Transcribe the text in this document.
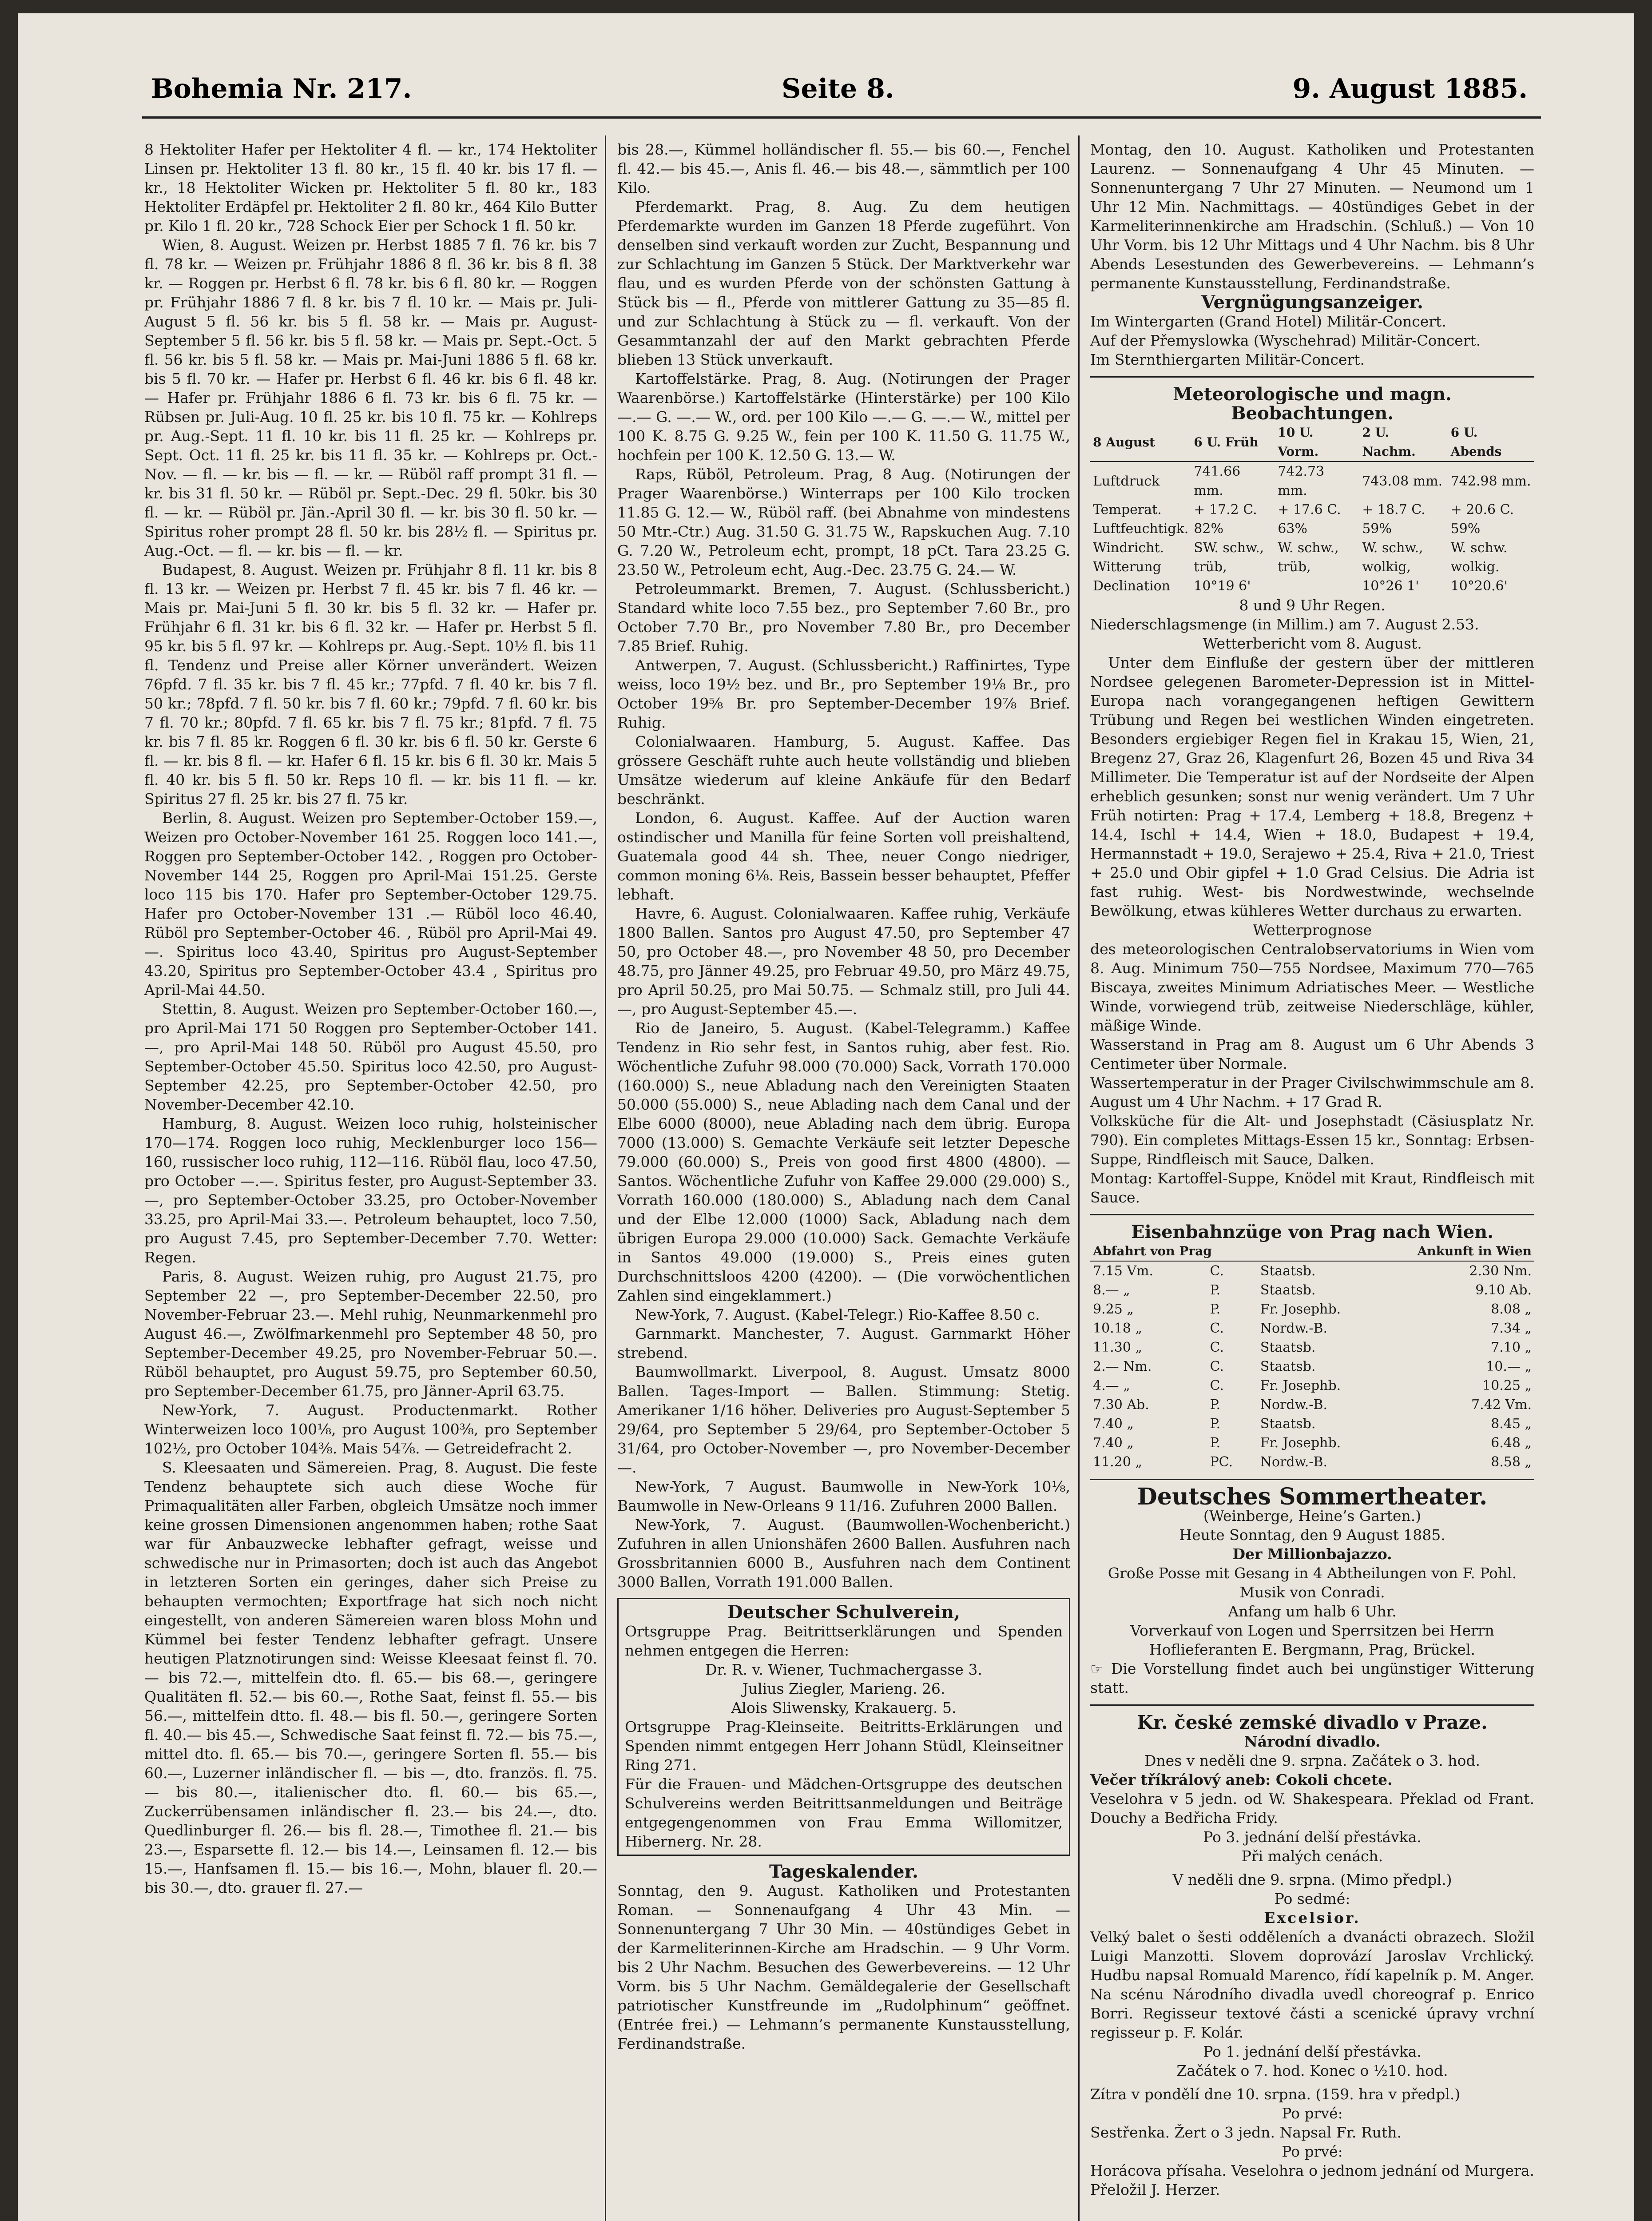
Bohemia Nr. 217.	Seite 8.	9. August 1885.

8 Hektoliter Hafer per Hektoliter 4 fl. — kr., 174 Hektoliter Linsen pr. Hektoliter 13 fl. 80 kr., 15 fl. 40 kr. bis 17 fl. — kr., 18 Hektoliter Wicken pr. Hektoliter 5 fl. 80 kr., 183 Hektoliter Erdäpfel pr. Hektoliter 2 fl. 80 kr., 464 Kilo Butter pr. Kilo 1 fl. 20 kr., 728 Schock Eier per Schock 1 fl. 50 kr.

Wien, 8. August. Weizen pr. Herbst 1885 7 fl. 76 kr. bis 7 fl. 78 kr. — Weizen pr. Frühjahr 1886 8 fl. 36 kr. bis 8 fl. 38 kr. — Roggen pr. Herbst 6 fl. 78 kr. bis 6 fl. 80 kr. — Roggen pr. Frühjahr 1886 7 fl. 8 kr. bis 7 fl. 10 kr. — Mais pr. Juli-August 5 fl. 56 kr. bis 5 fl. 58 kr. — Mais pr. August-September 5 fl. 56 kr. bis 5 fl. 58 kr. — Mais pr. Sept.-Oct. 5 fl. 56 kr. bis 5 fl. 58 kr. — Mais pr. Mai-Juni 1886 5 fl. 68 kr. bis 5 fl. 70 kr. — Hafer pr. Herbst 6 fl. 46 kr. bis 6 fl. 48 kr. — Hafer pr. Frühjahr 1886 6 fl. 73 kr. bis 6 fl. 75 kr. — Rübsen pr. Juli-Aug. 10 fl. 25 kr. bis 10 fl. 75 kr. — Kohlreps pr. Aug.-Sept. 11 fl. 10 kr. bis 11 fl. 25 kr. — Kohlreps pr. Sept. Oct. 11 fl. 25 kr. bis 11 fl. 35 kr. — Kohlreps pr. Oct.-Nov. — fl. — kr. bis — fl. — kr. — Rüböl raff prompt 31 fl. — kr. bis 31 fl. 50 kr. — Rüböl pr. Sept.-Dec. 29 fl. 50kr. bis 30 fl. — kr. — Rüböl pr. Jän.-April 30 fl. — kr. bis 30 fl. 50 kr. — Spiritus roher prompt 28 fl. 50 kr. bis 28½ fl. — Spiritus pr. Aug.-Oct. — fl. — kr. bis — fl. — kr.

Budapest, 8. August. Weizen pr. Frühjahr 8 fl. 11 kr. bis 8 fl. 13 kr. — Weizen pr. Herbst 7 fl. 45 kr. bis 7 fl. 46 kr. — Mais pr. Mai-Juni 5 fl. 30 kr. bis 5 fl. 32 kr. — Hafer pr. Frühjahr 6 fl. 31 kr. bis 6 fl. 32 kr. — Hafer pr. Herbst 5 fl. 95 kr. bis 5 fl. 97 kr. — Kohlreps pr. Aug.-Sept. 10½ fl. bis 11 fl. Tendenz und Preise aller Körner unverändert. Weizen 76pfd. 7 fl. 35 kr. bis 7 fl. 45 kr.; 77pfd. 7 fl. 40 kr. bis 7 fl. 50 kr.; 78pfd. 7 fl. 50 kr. bis 7 fl. 60 kr.; 79pfd. 7 fl. 60 kr. bis 7 fl. 70 kr.; 80pfd. 7 fl. 65 kr. bis 7 fl. 75 kr.; 81pfd. 7 fl. 75 kr. bis 7 fl. 85 kr. Roggen 6 fl. 30 kr. bis 6 fl. 50 kr. Gerste 6 fl. — kr. bis 8 fl. — kr. Hafer 6 fl. 15 kr. bis 6 fl. 30 kr. Mais 5 fl. 40 kr. bis 5 fl. 50 kr. Reps 10 fl. — kr. bis 11 fl. — kr. Spiritus 27 fl. 25 kr. bis 27 fl. 75 kr.

Berlin, 8. August. Weizen pro September-October 159.—, Weizen pro October-November 161 25. Roggen loco 141.—, Roggen pro September-October 142. , Roggen pro October-November 144 25, Roggen pro April-Mai 151.25. Gerste loco 115 bis 170. Hafer pro September-October 129.75. Hafer pro October-November 131 .— Rüböl loco 46.40, Rüböl pro September-October 46. , Rüböl pro April-Mai 49.—. Spiritus loco 43.40, Spiritus pro August-September 43.20, Spiritus pro September-October 43.4 , Spiritus pro April-Mai 44.50.

Stettin, 8. August. Weizen pro September-October 160.—, pro April-Mai 171 50 Roggen pro September-October 141.—, pro April-Mai 148 50. Rüböl pro August 45.50, pro September-October 45.50. Spiritus loco 42.50, pro August-September 42.25, pro September-October 42.50, pro November-December 42.10.

Hamburg, 8. August. Weizen loco ruhig, holsteinischer 170—174. Roggen loco ruhig, Mecklenburger loco 156—160, russischer loco ruhig, 112—116. Rüböl flau, loco 47.50, pro October —.—. Spiritus fester, pro August-September 33.—, pro September-October 33.25, pro October-November 33.25, pro April-Mai 33.—. Petroleum behauptet, loco 7.50, pro August 7.45, pro September-December 7.70. Wetter: Regen.

Paris, 8. August. Weizen ruhig, pro August 21.75, pro September 22 —, pro September-December 22.50, pro November-Februar 23.—. Mehl ruhig, Neunmarkenmehl pro August 46.—, Zwölfmarkenmehl pro September 48 50, pro September-December 49.25, pro November-Februar 50.—. Rüböl behauptet, pro August 59.75, pro September 60.50, pro September-December 61.75, pro Jänner-April 63.75.

New-York, 7. August. Productenmarkt. Rother Winterweizen loco 100⅛, pro August 100⅜, pro September 102½, pro October 104⅜. Mais 54⅞. — Getreidefracht 2.

S. Kleesaaten und Sämereien. Prag, 8. August. Die feste Tendenz behauptete sich auch diese Woche für Primaqualitäten aller Farben, obgleich Umsätze noch immer keine grossen Dimensionen angenommen haben; rothe Saat war für Anbauzwecke lebhafter gefragt, weisse und schwedische nur in Primasorten; doch ist auch das Angebot in letzteren Sorten ein geringes, daher sich Preise zu behaupten vermochten; Exportfrage hat sich noch nicht eingestellt, von anderen Sämereien waren bloss Mohn und Kümmel bei fester Tendenz lebhafter gefragt. Unsere heutigen Platznotirungen sind: Weisse Kleesaat feinst fl. 70.— bis 72.—, mittelfein dto. fl. 65.— bis 68.—, geringere Qualitäten fl. 52.— bis 60.—, Rothe Saat, feinst fl. 55.— bis 56.—, mittelfein dtto. fl. 48.— bis fl. 50.—, geringere Sorten fl. 40.— bis 45.—, Schwedische Saat feinst fl. 72.— bis 75.—, mittel dto. fl. 65.— bis 70.—, geringere Sorten fl. 55.— bis 60.—, Luzerner inländischer fl. — bis —, dto. französ. fl. 75.— bis 80.—, italienischer dto. fl. 60.— bis 65.—, Zuckerrübensamen inländischer fl. 23.— bis 24.—, dto. Quedlinburger fl. 26.— bis fl. 28.—, Timothee fl. 21.— bis 23.—, Esparsette fl. 12.— bis 14.—, Leinsamen fl. 12.— bis 15.—, Hanfsamen fl. 15.— bis 16.—, Mohn, blauer fl. 20.— bis 30.—, dto. grauer fl. 27.—

bis 28.—, Kümmel holländischer fl. 55.— bis 60.—, Fenchel fl. 42.— bis 45.—, Anis fl. 46.— bis 48.—, sämmtlich per 100 Kilo.

Pferdemarkt. Prag, 8. Aug. Zu dem heutigen Pferdemarkte wurden im Ganzen 18 Pferde zugeführt. Von denselben sind verkauft worden zur Zucht, Bespannung und zur Schlachtung im Ganzen 5 Stück. Der Marktverkehr war flau, und es wurden Pferde von der schönsten Gattung à Stück bis — fl., Pferde von mittlerer Gattung zu 35—85 fl. und zur Schlachtung à Stück zu — fl. verkauft. Von der Gesammtanzahl der auf den Markt gebrachten Pferde blieben 13 Stück unverkauft.

Kartoffelstärke. Prag, 8. Aug. (Notirungen der Prager Waarenbörse.) Kartoffelstärke (Hinterstärke) per 100 Kilo —.— G. —.— W., ord. per 100 Kilo —.— G. —.— W., mittel per 100 K. 8.75 G. 9.25 W., fein per 100 K. 11.50 G. 11.75 W., hochfein per 100 K. 12.50 G. 13.— W.

Raps, Rüböl, Petroleum. Prag, 8 Aug. (Notirungen der Prager Waarenbörse.) Winterraps per 100 Kilo trocken 11.85 G. 12.— W., Rüböl raff. (bei Abnahme von mindestens 50 Mtr.-Ctr.) Aug. 31.50 G. 31.75 W., Rapskuchen Aug. 7.10 G. 7.20 W., Petroleum echt, prompt, 18 pCt. Tara 23.25 G. 23.50 W., Petroleum echt, Aug.-Dec. 23.75 G. 24.— W.

Petroleummarkt. Bremen, 7. August. (Schlussbericht.) Standard white loco 7.55 bez., pro September 7.60 Br., pro October 7.70 Br., pro November 7.80 Br., pro December 7.85 Brief. Ruhig.

Antwerpen, 7. August. (Schlussbericht.) Raffinirtes, Type weiss, loco 19½ bez. und Br., pro September 19⅛ Br., pro October 19⅝ Br. pro September-December 19⅞ Brief. Ruhig.

Colonialwaaren. Hamburg, 5. August. Kaffee. Das grössere Geschäft ruhte auch heute vollständig und blieben Umsätze wiederum auf kleine Ankäufe für den Bedarf beschränkt.

London, 6. August. Kaffee. Auf der Auction waren ostindischer und Manilla für feine Sorten voll preishaltend, Guatemala good 44 sh. Thee, neuer Congo niedriger, common moning 6⅛. Reis, Bassein besser behauptet, Pfeffer lebhaft.

Havre, 6. August. Colonialwaaren. Kaffee ruhig, Verkäufe 1800 Ballen. Santos pro August 47.50, pro September 47 50, pro October 48.—, pro November 48 50, pro December 48.75, pro Jänner 49.25, pro Februar 49.50, pro März 49.75, pro April 50.25, pro Mai 50.75. — Schmalz still, pro Juli 44.—, pro August-September 45.—.

Rio de Janeiro, 5. August. (Kabel-Telegramm.) Kaffee Tendenz in Rio sehr fest, in Santos ruhig, aber fest. Rio. Wöchentliche Zufuhr 98.000 (70.000) Sack, Vorrath 170.000 (160.000) S., neue Abladung nach den Vereinigten Staaten 50.000 (55.000) S., neue Ablading nach dem Canal und der Elbe 6000 (8000), neue Ablading nach dem übrig. Europa 7000 (13.000) S. Gemachte Verkäufe seit letzter Depesche 79.000 (60.000) S., Preis von good first 4800 (4800). — Santos. Wöchentliche Zufuhr von Kaffee 29.000 (29.000) S., Vorrath 160.000 (180.000) S., Abladung nach dem Canal und der Elbe 12.000 (1000) Sack, Abladung nach dem übrigen Europa 29.000 (10.000) Sack. Gemachte Verkäufe in Santos 49.000 (19.000) S., Preis eines guten Durchschnittsloos 4200 (4200). — (Die vorwöchentlichen Zahlen sind eingeklammert.)

New-York, 7. August. (Kabel-Telegr.) Rio-Kaffee 8.50 c.

Garnmarkt. Manchester, 7. August. Garnmarkt Höher strebend.

Baumwollmarkt. Liverpool, 8. August. Umsatz 8000 Ballen. Tages-Import — Ballen. Stimmung: Stetig. Amerikaner 1/16 höher. Deliveries pro August-September 5 29/64, pro September 5 29/64, pro September-October 5 31/64, pro October-November —, pro November-December —.

New-York, 7 August. Baumwolle in New-York 10⅛, Baumwolle in New-Orleans 9 11/16. Zufuhren 2000 Ballen.

New-York, 7. August. (Baumwollen-Wochenbericht.) Zufuhren in allen Unionshäfen 2600 Ballen. Ausfuhren nach Grossbritannien 6000 B., Ausfuhren nach dem Continent 3000 Ballen, Vorrath 191.000 Ballen.

Deutscher Schulverein,

Ortsgruppe Prag. Beitrittserklärungen und Spenden nehmen entgegen die Herren:

Dr. R. v. Wiener, Tuchmachergasse 3.

Julius Ziegler, Marieng. 26.

Alois Sliwensky, Krakauerg. 5.

Ortsgruppe Prag-Kleinseite. Beitritts-Erklärungen und Spenden nimmt entgegen Herr Johann Stüdl, Kleinseitner Ring 271.

Für die Frauen- und Mädchen-Ortsgruppe des deutschen Schulvereins werden Beitrittsanmeldungen und Beiträge entgegengenommen von Frau Emma Willomitzer, Hibernerg. Nr. 28.

Tageskalender.

Sonntag, den 9. August. Katholiken und Protestanten Roman. — Sonnenaufgang 4 Uhr 43 Min. — Sonnenuntergang 7 Uhr 30 Min. — 40stündiges Gebet in der Karmeliterinnen-Kirche am Hradschin. — 9 Uhr Vorm. bis 2 Uhr Nachm. Besuchen des Gewerbevereins. — 12 Uhr Vorm. bis 5 Uhr Nachm. Gemäldegalerie der Gesellschaft patriotischer Kunstfreunde im „Rudolphinum“ geöffnet. (Entrée frei.) — Lehmann’s permanente Kunstausstellung, Ferdinandstraße.

Montag, den 10. August. Katholiken und Protestanten Laurenz. — Sonnenaufgang 4 Uhr 45 Minuten. — Sonnenuntergang 7 Uhr 27 Minuten. — Neumond um 1 Uhr 12 Min. Nachmittags. — 40stündiges Gebet in der Karmeliterinnenkirche am Hradschin. (Schluß.) — Von 10 Uhr Vorm. bis 12 Uhr Mittags und 4 Uhr Nachm. bis 8 Uhr Abends Lesestunden des Gewerbevereins. — Lehmann’s permanente Kunstausstellung, Ferdinandstraße.

Vergnügungsanzeiger.

Im Wintergarten (Grand Hotel) Militär-Concert.

Auf der Přemyslowka (Wyschehrad) Militär-Concert.

Im Sternthiergarten Militär-Concert.

Meteorologische und magn. Beobachtungen.

8 August	6 U. Früh	10 U. Vorm.	2 U. Nachm.	6 U. Abends
Luftdruck	741.66 mm.	742.73 mm.	743.08 mm.	742.98 mm.
Temperat.	+ 17.2 C.	+ 17.6 C.	+ 18.7 C.	+ 20.6 C.
Luftfeuchtigk.	82%	63%	59%	59%
Windricht.	SW. schw.,	W. schw.,	W. schw.,	W. schw.
Witterung	trüb,	trüb,	wolkig,	wolkig.
Declination	10°19 6'		10°26 1'	10°20.6'

8 und 9 Uhr Regen.

Niederschlagsmenge (in Millim.) am 7. August 2.53.

Wetterbericht vom 8. August.

Unter dem Einfluße der gestern über der mittleren Nordsee gelegenen Barometer-Depression ist in Mittel-Europa nach vorangegangenen heftigen Gewittern Trübung und Regen bei westlichen Winden eingetreten. Besonders ergiebiger Regen fiel in Krakau 15, Wien, 21, Bregenz 27, Graz 26, Klagenfurt 26, Bozen 45 und Riva 34 Millimeter. Die Temperatur ist auf der Nordseite der Alpen erheblich gesunken; sonst nur wenig verändert. Um 7 Uhr Früh notirten: Prag + 17.4, Lemberg + 18.8, Bregenz + 14.4, Ischl + 14.4, Wien + 18.0, Budapest + 19.4, Hermannstadt + 19.0, Serajewo + 25.4, Riva + 21.0, Triest + 25.0 und Obir gipfel + 1.0 Grad Celsius. Die Adria ist fast ruhig. West- bis Nordwestwinde, wechselnde Bewölkung, etwas kühleres Wetter durchaus zu erwarten.

Wetterprognose

des meteorologischen Centralobservatoriums in Wien vom 8. Aug. Minimum 750—755 Nordsee, Maximum 770—765 Biscaya, zweites Minimum Adriatisches Meer. — Westliche Winde, vorwiegend trüb, zeitweise Niederschläge, kühler, mäßige Winde.

Wasserstand in Prag am 8. August um 6 Uhr Abends 3 Centimeter über Normale.

Wassertemperatur in der Prager Civilschwimmschule am 8. August um 4 Uhr Nachm. + 17 Grad R.

Volksküche für die Alt- und Josephstadt (Cäsiusplatz Nr. 790). Ein completes Mittags-Essen 15 kr., Sonntag: Erbsen-Suppe, Rindfleisch mit Sauce, Dalken.

Montag: Kartoffel-Suppe, Knödel mit Kraut, Rindfleisch mit Sauce.

Eisenbahnzüge von Prag nach Wien.

Abfahrt von Prag			Ankunft in Wien
7.15 Vm.	C.	Staatsb.	2.30 Nm.
8.— „	P.	Staatsb.	9.10 Ab.
9.25 „	P.	Fr. Josephb.	8.08 „
10.18 „	C.	Nordw.-B.	7.34 „
11.30 „	C.	Staatsb.	7.10 „
2.— Nm.	C.	Staatsb.	10.— „
4.— „	C.	Fr. Josephb.	10.25 „
7.30 Ab.	P.	Nordw.-B.	7.42 Vm.
7.40 „	P.	Staatsb.	8.45 „
7.40 „	P.	Fr. Josephb.	6.48 „
11.20 „	PC.	Nordw.-B.	8.58 „

Deutsches Sommertheater.

(Weinberge, Heine’s Garten.)

Heute Sonntag, den 9 August 1885.

Der Millionbajazzo.

Große Posse mit Gesang in 4 Abtheilungen von F. Pohl. Musik von Conradi.

Anfang um halb 6 Uhr.

Vorverkauf von Logen und Sperrsitzen bei Herrn Hoflieferanten E. Bergmann, Prag, Brückel.

☞ Die Vorstellung findet auch bei ungünstiger Witterung statt.

Kr. české zemské divadlo v Praze.

Národní divadlo.

Dnes v neděli dne 9. srpna. Začátek o 3. hod.

Večer tříkrálový aneb: Cokoli chcete.

Veselohra v 5 jedn. od W. Shakespeara. Překlad od Frant. Douchy a Bedřicha Fridy.

Po 3. jednání delší přestávka.

Při malých cenách.

V neděli dne 9. srpna. (Mimo předpl.)

Po sedmé:

Excelsior.

Velký balet o šesti odděleních a dvanácti obrazech. Složil Luigi Manzotti. Slovem doprovází Jaroslav Vrchlický. Hudbu napsal Romuald Marenco, řídí kapelník p. M. Anger. Na scénu Národního divadla uvedl choreograf p. Enrico Borri. Regisseur textové části a scenické úpravy vrchní regisseur p. F. Kolár.

Po 1. jednání delší přestávka.

Začátek o 7. hod. Konec o ½10. hod.

Zítra v pondělí dne 10. srpna. (159. hra v předpl.)

Po prvé:

Sestřenka. Žert o 3 jedn. Napsal Fr. Ruth.

Po prvé:

Horácova přísaha. Veselohra o jednom jednání od Murgera. Přeložil J. Herzer.
